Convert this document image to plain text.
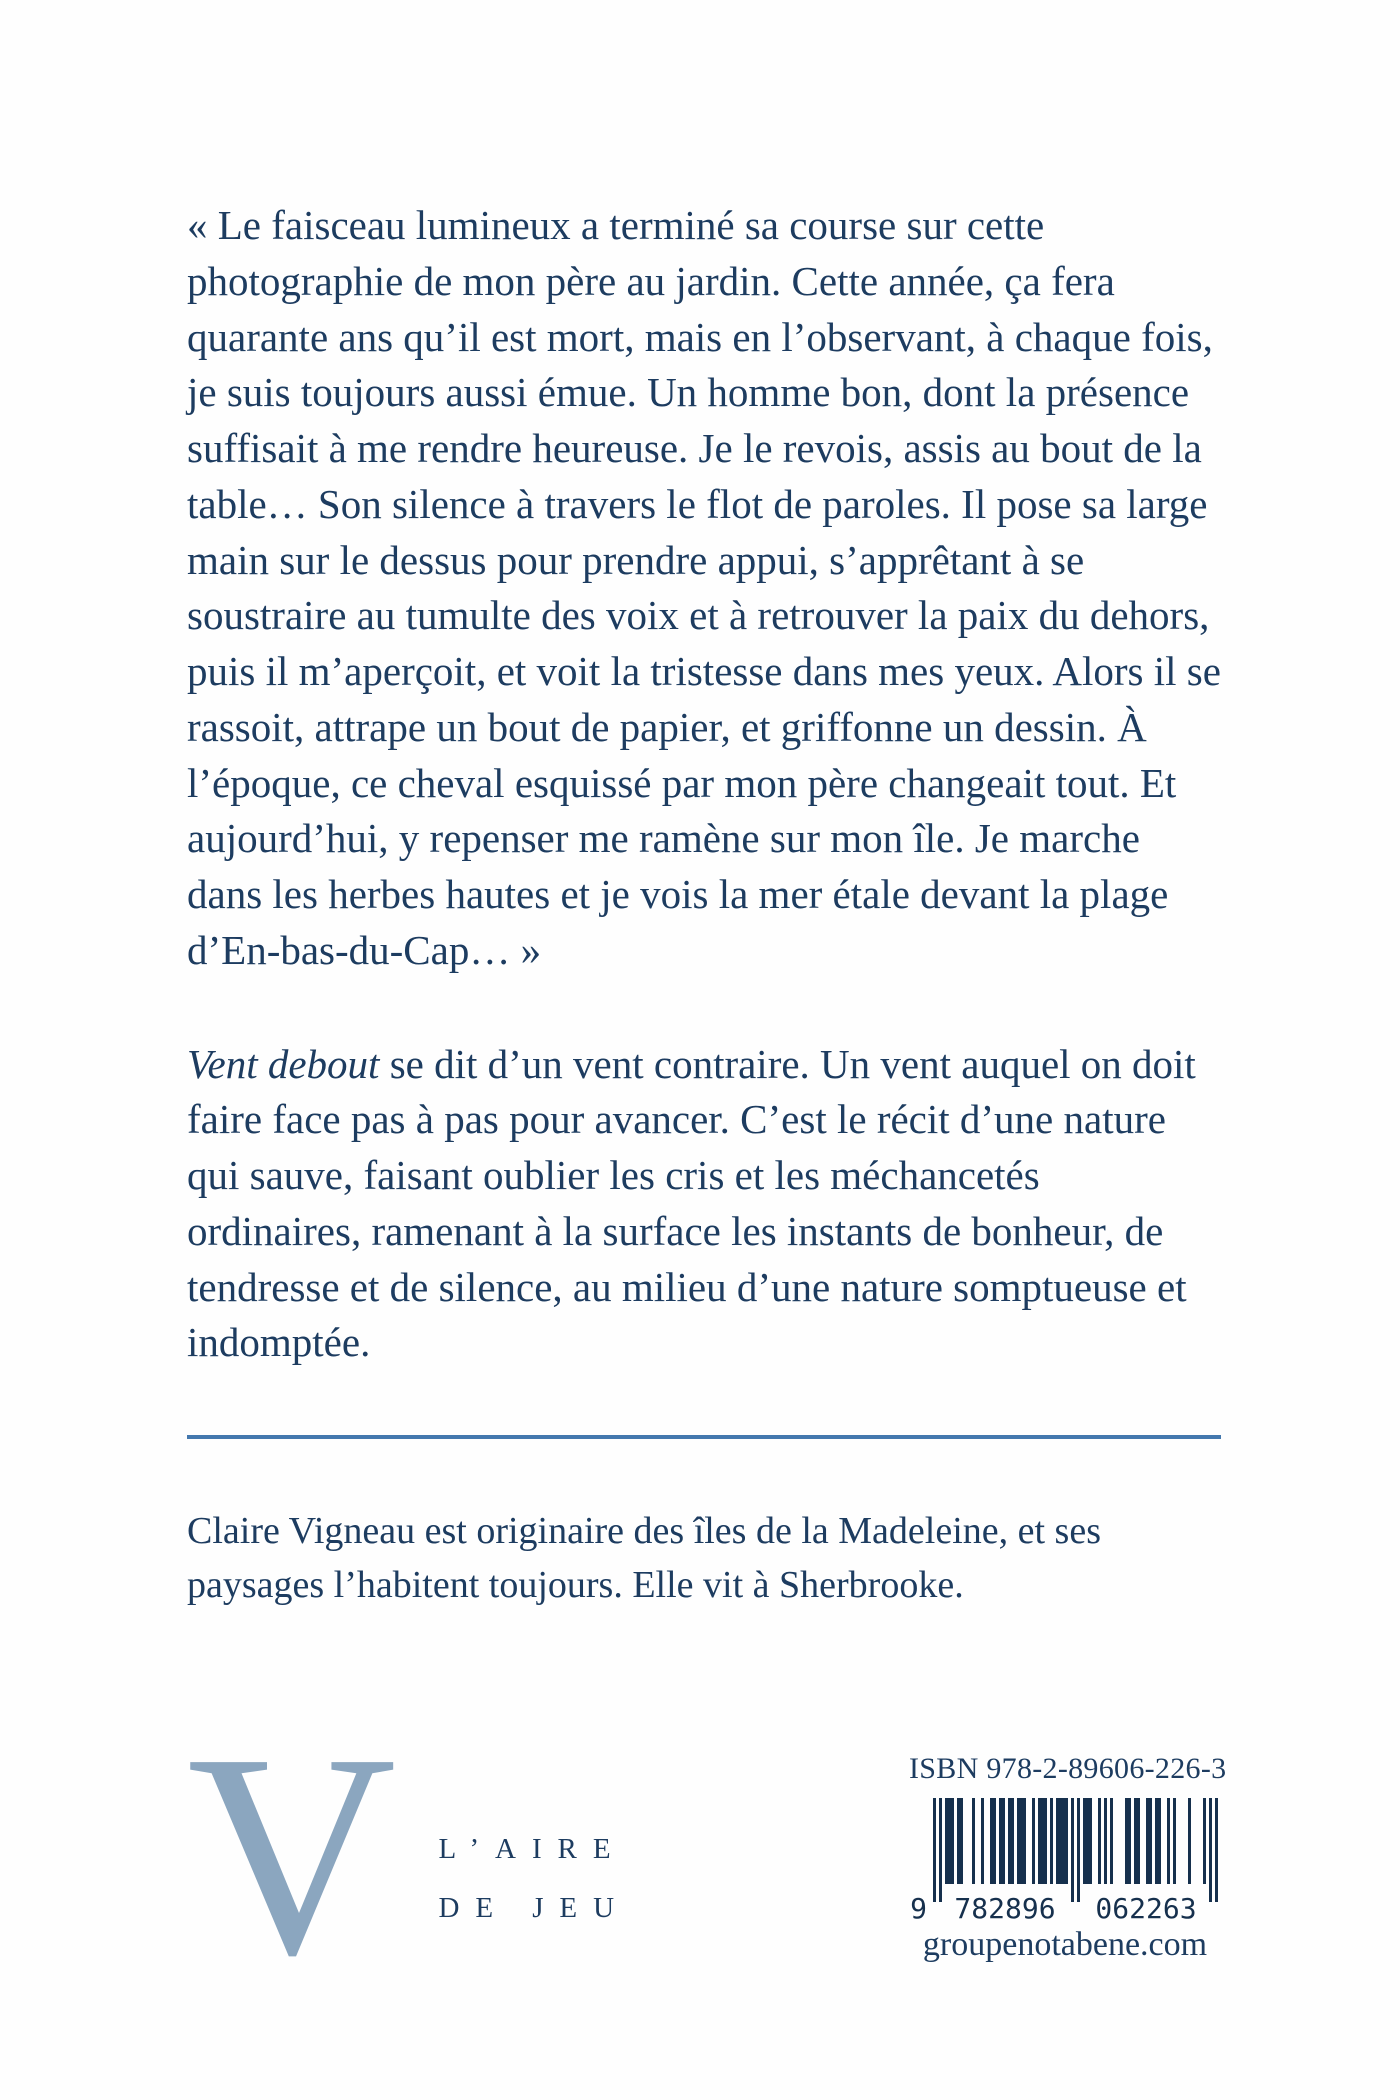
« Le faisceau lumineux a terminé sa course sur cette photographie de mon père au jardin. Cette année, ça fera quarante ans qu’il est mort, mais en l’observant, à chaque fois, je suis toujours aussi émue. Un homme bon, dont la présence suffisait à me rendre heureuse. Je le revois, assis au bout de la table… Son silence à travers le flot de paroles. Il pose sa large main sur le dessus pour prendre appui, s’apprêtant à se soustraire au tumulte des voix et à retrouver la paix du dehors, puis il m’aperçoit, et voit la tristesse dans mes yeux. Alors il se rassoit, attrape un bout de papier, et griffonne un dessin. À l’époque, ce cheval esquissé par mon père changeait tout. Et aujourd’hui, y repenser me ramène sur mon île. Je marche dans les herbes hautes et je vois la mer étale devant la plage d’En-bas-du-Cap… »

Vent debout se dit d’un vent contraire. Un vent auquel on doit faire face pas à pas pour avancer. C’est le récit d’une nature qui sauve, faisant oublier les cris et les méchancetés ordinaires, ramenant à la surface les instants de bonheur, de tendresse et de silence, au milieu d’une nature somptueuse et indomptée.

Claire Vigneau est originaire des îles de la Madeleine, et ses paysages l’habitent toujours. Elle vit à Sherbrooke.

V L’AIRE
DE JEU
ISBN 978-2-89606-226-3
9 782896 062263
groupenotabene.com
